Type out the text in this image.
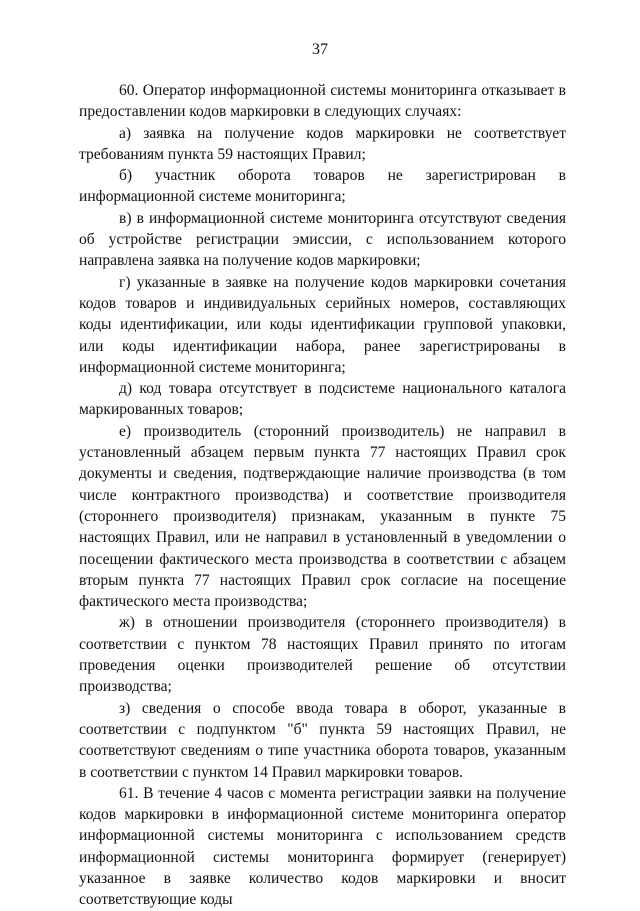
37

60. Оператор информационной системы мониторинга отказывает в предоставлении кодов маркировки в следующих случаях:

а) заявка на получение кодов маркировки не соответствует требованиям пункта 59 настоящих Правил;

б) участник оборота товаров не зарегистрирован в информационной системе мониторинга;

в) в информационной системе мониторинга отсутствуют сведения об устройстве регистрации эмиссии, с использованием которого направлена заявка на получение кодов маркировки;

г) указанные в заявке на получение кодов маркировки сочетания кодов товаров и индивидуальных серийных номеров, составляющих коды идентификации, или коды идентификации групповой упаковки, или коды идентификации набора, ранее зарегистрированы в информационной системе мониторинга;

д) код товара отсутствует в подсистеме национального каталога маркированных товаров;

е) производитель (сторонний производитель) не направил в установленный абзацем первым пункта 77 настоящих Правил срок документы и сведения, подтверждающие наличие производства (в том числе контрактного производства) и соответствие производителя (стороннего производителя) признакам, указанным в пункте 75 настоящих Правил, или не направил в установленный в уведомлении о посещении фактического места производства в соответствии с абзацем вторым пункта 77 настоящих Правил срок согласие на посещение фактического места производства;

ж) в отношении производителя (стороннего производителя) в соответствии с пунктом 78 настоящих Правил принято по итогам проведения оценки производителей решение об отсутствии производства;

з) сведения о способе ввода товара в оборот, указанные в соответствии с подпунктом "б" пункта 59 настоящих Правил, не соответствуют сведениям о типе участника оборота товаров, указанным в соответствии с пунктом 14 Правил маркировки товаров.

61. В течение 4 часов с момента регистрации заявки на получение кодов маркировки в информационной системе мониторинга оператор информационной системы мониторинга с использованием средств информационной системы мониторинга формирует (генерирует) указанное в заявке количество кодов маркировки и вносит соответствующие коды
